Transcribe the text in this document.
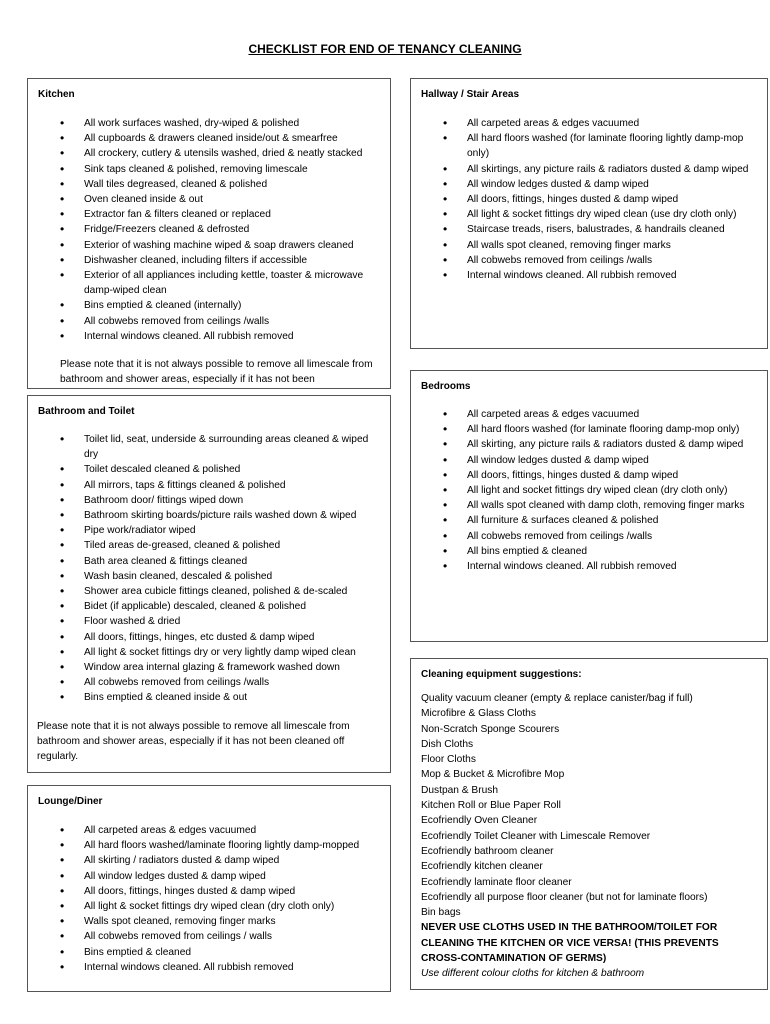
CHECKLIST FOR END OF TENANCY CLEANING
Kitchen
• All work surfaces washed, dry-wiped & polished
• All cupboards & drawers cleaned inside/out & smearfree
• All crockery, cutlery & utensils washed, dried & neatly stacked
• Sink taps cleaned & polished, removing limescale
• Wall tiles degreased, cleaned & polished
• Oven cleaned inside & out
• Extractor fan & filters cleaned or replaced
• Fridge/Freezers cleaned & defrosted
• Exterior of washing machine wiped & soap drawers cleaned
• Dishwasher cleaned, including filters if accessible
• Exterior of all appliances including kettle, toaster & microwave damp-wiped clean
• Bins emptied & cleaned (internally)
• All cobwebs removed from ceilings /walls
• Internal windows cleaned. All rubbish removed
Please note that it is not always possible to remove all limescale from bathroom and shower areas, especially if it has not been
Hallway / Stair Areas
• All carpeted areas & edges vacuumed
• All hard floors washed (for laminate flooring lightly damp-mop only)
• All skirtings, any picture rails & radiators dusted & damp wiped
• All window ledges dusted & damp wiped
• All doors, fittings, hinges dusted & damp wiped
• All light & socket fittings dry wiped clean (use dry cloth only)
• Staircase treads, risers, balustrades, & handrails cleaned
• All walls spot cleaned, removing finger marks
• All cobwebs removed from ceilings /walls
• Internal windows cleaned. All rubbish removed
Bathroom and Toilet
• Toilet lid, seat, underside & surrounding areas cleaned & wiped dry
• Toilet descaled cleaned & polished
• All mirrors, taps & fittings cleaned & polished
• Bathroom door/ fittings wiped down
• Bathroom skirting boards/picture rails washed down & wiped
• Pipe work/radiator wiped
• Tiled areas de-greased, cleaned & polished
• Bath area cleaned & fittings cleaned
• Wash basin cleaned, descaled & polished
• Shower area cubicle fittings cleaned, polished & de-scaled
• Bidet (if applicable) descaled, cleaned & polished
• Floor washed & dried
• All doors, fittings, hinges, etc dusted & damp wiped
• All light & socket fittings dry or very lightly damp wiped clean
• Window area internal glazing & framework washed down
• All cobwebs removed from ceilings /walls
• Bins emptied & cleaned inside & out
Please note that it is not always possible to remove all limescale from bathroom and shower areas, especially if it has not been cleaned off regularly.
Bedrooms
• All carpeted areas & edges vacuumed
• All hard floors washed (for laminate flooring damp-mop only)
• All skirting, any picture rails & radiators dusted & damp wiped
• All window ledges dusted & damp wiped
• All doors, fittings, hinges dusted & damp wiped
• All light and socket fittings dry wiped clean (dry cloth only)
• All walls spot cleaned with damp cloth, removing finger marks
• All furniture & surfaces cleaned & polished
• All cobwebs removed from ceilings /walls
• All bins emptied & cleaned
• Internal windows cleaned. All rubbish removed
Lounge/Diner
• All carpeted areas & edges vacuumed
• All hard floors washed/laminate flooring lightly damp-mopped
• All skirting / radiators dusted & damp wiped
• All window ledges dusted & damp wiped
• All doors, fittings, hinges dusted & damp wiped
• All light & socket fittings dry wiped clean (dry cloth only)
• Walls spot cleaned, removing finger marks
• All cobwebs removed from ceilings / walls
• Bins emptied & cleaned
• Internal windows cleaned. All rubbish removed
Cleaning equipment suggestions:
Quality vacuum cleaner (empty & replace canister/bag if full)
Microfibre & Glass Cloths
Non-Scratch Sponge Scourers
Dish Cloths
Floor Cloths
Mop & Bucket & Microfibre Mop
Dustpan & Brush
Kitchen Roll or Blue Paper Roll
Ecofriendly Oven Cleaner
Ecofriendly Toilet Cleaner with Limescale Remover
Ecofriendly bathroom cleaner
Ecofriendly kitchen cleaner
Ecofriendly laminate floor cleaner
Ecofriendly all purpose floor cleaner (but not for laminate floors)
Bin bags
NEVER USE CLOTHS USED IN THE BATHROOM/TOILET FOR
CLEANING THE KITCHEN OR VICE VERSA! (THIS PREVENTS
CROSS-CONTAMINATION OF GERMS)
Use different colour cloths for kitchen & bathroom
